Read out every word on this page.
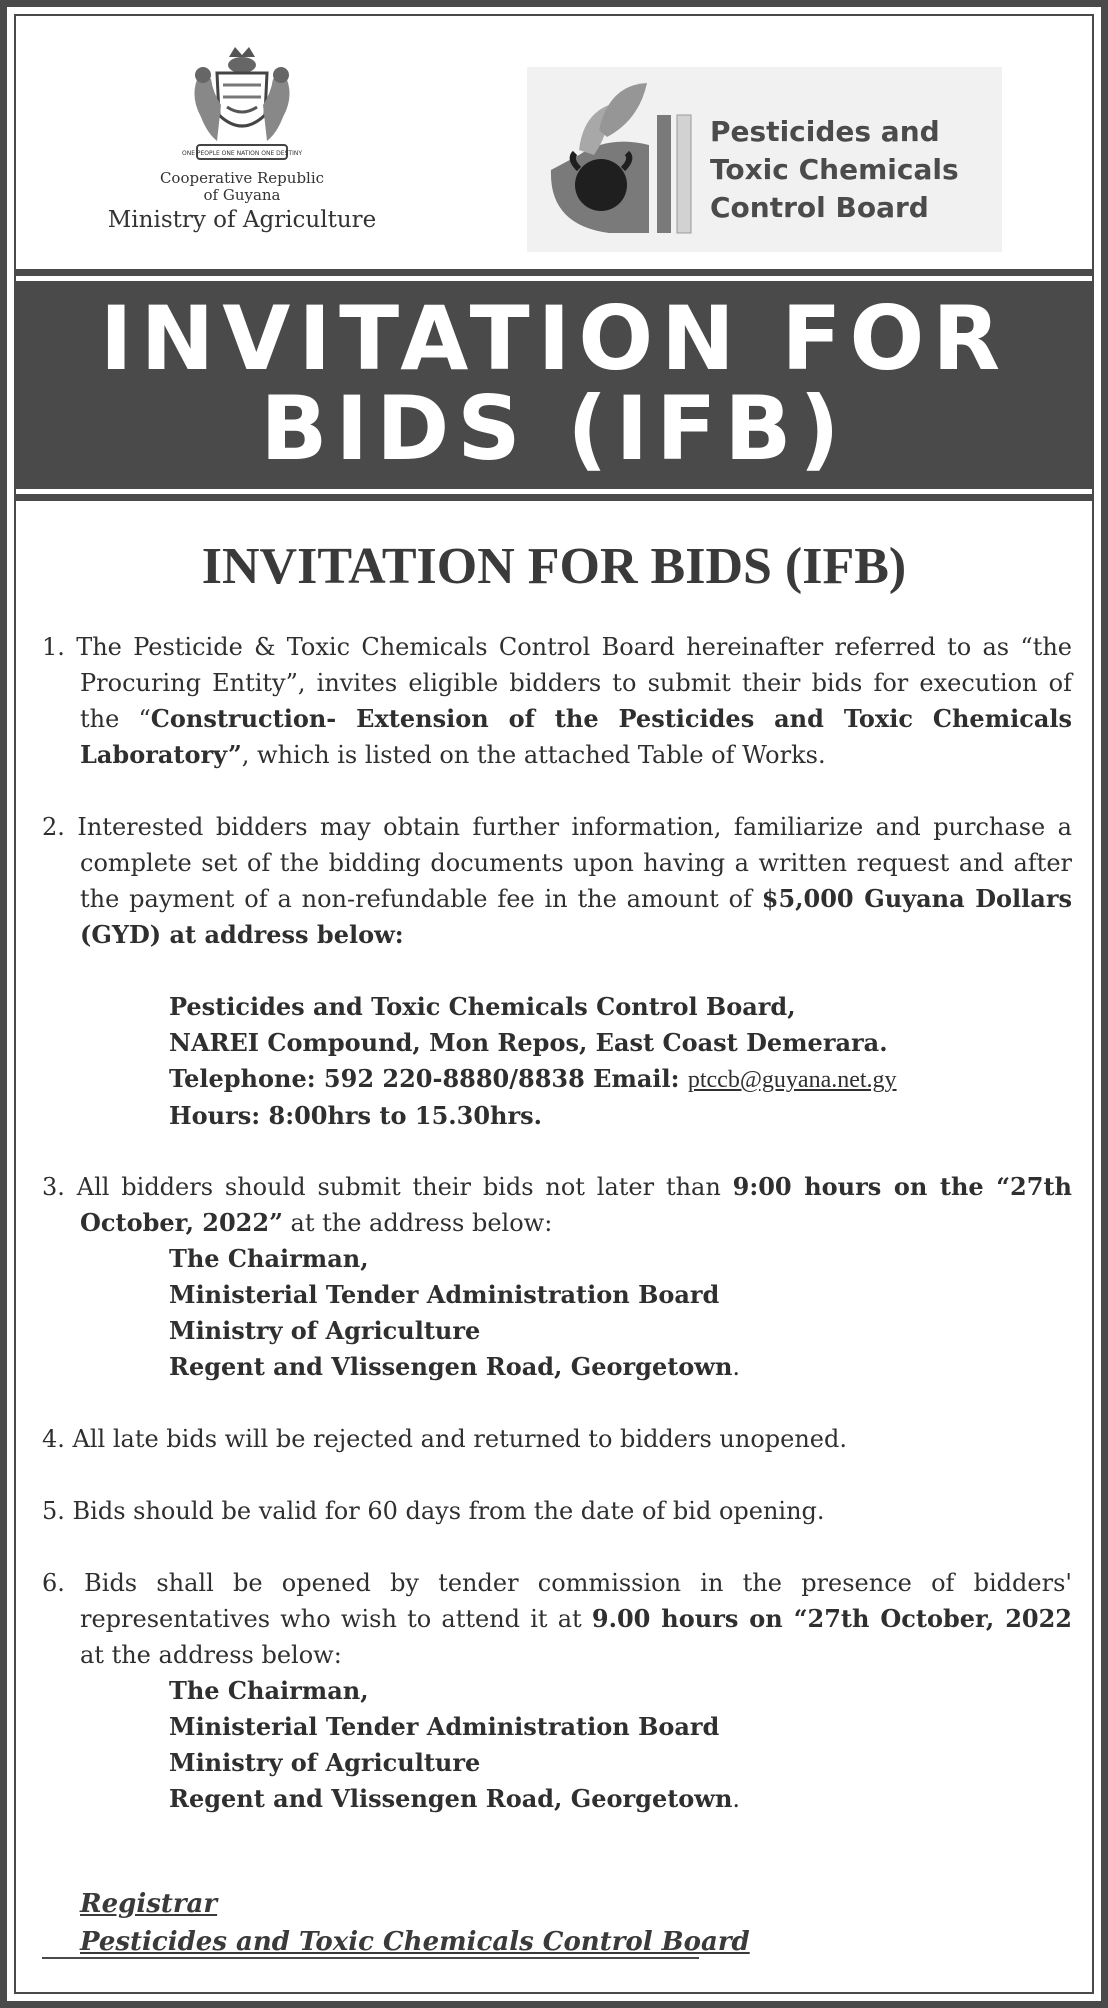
ONE PEOPLE ONE NATION ONE DESTINY
Cooperative Republic
of Guyana
Ministry of Agriculture
Pesticides and
Toxic Chemicals
Control Board
INVITATION FOR
BIDS (IFB)
INVITATION FOR BIDS (IFB)

1. The Pesticide & Toxic Chemicals Control Board hereinafter referred to as “the Procuring Entity”, invites eligible bidders to submit their bids for execution of the “Construction- Extension of the Pesticides and Toxic Chemicals Laboratory”, which is listed on the attached Table of Works.

2. Interested bidders may obtain further information, familiarize and purchase a complete set of the bidding documents upon having a written request and after the payment of a non-refundable fee in the amount of $5,000 Guyana Dollars (GYD) at address below:

Pesticides and Toxic Chemicals Control Board,
NAREI Compound, Mon Repos, East Coast Demerara.
Telephone: 592 220-8880/8838 Email: ptccb@guyana.net.gy
Hours: 8:00hrs to 15.30hrs.

3. All bidders should submit their bids not later than 9:00 hours on the “27th October, 2022” at the address below:

The Chairman,
Ministerial Tender Administration Board
Ministry of Agriculture
Regent and Vlissengen Road, Georgetown.

4. All late bids will be rejected and returned to bidders unopened.

5. Bids should be valid for 60 days from the date of bid opening.

6. Bids shall be opened by tender commission in the presence of bidders' representatives who wish to attend it at 9.00 hours on “27th October, 2022 at the address below:

The Chairman,
Ministerial Tender Administration Board
Ministry of Agriculture
Regent and Vlissengen Road, Georgetown.
Registrar
Pesticides and Toxic Chemicals Control Board
